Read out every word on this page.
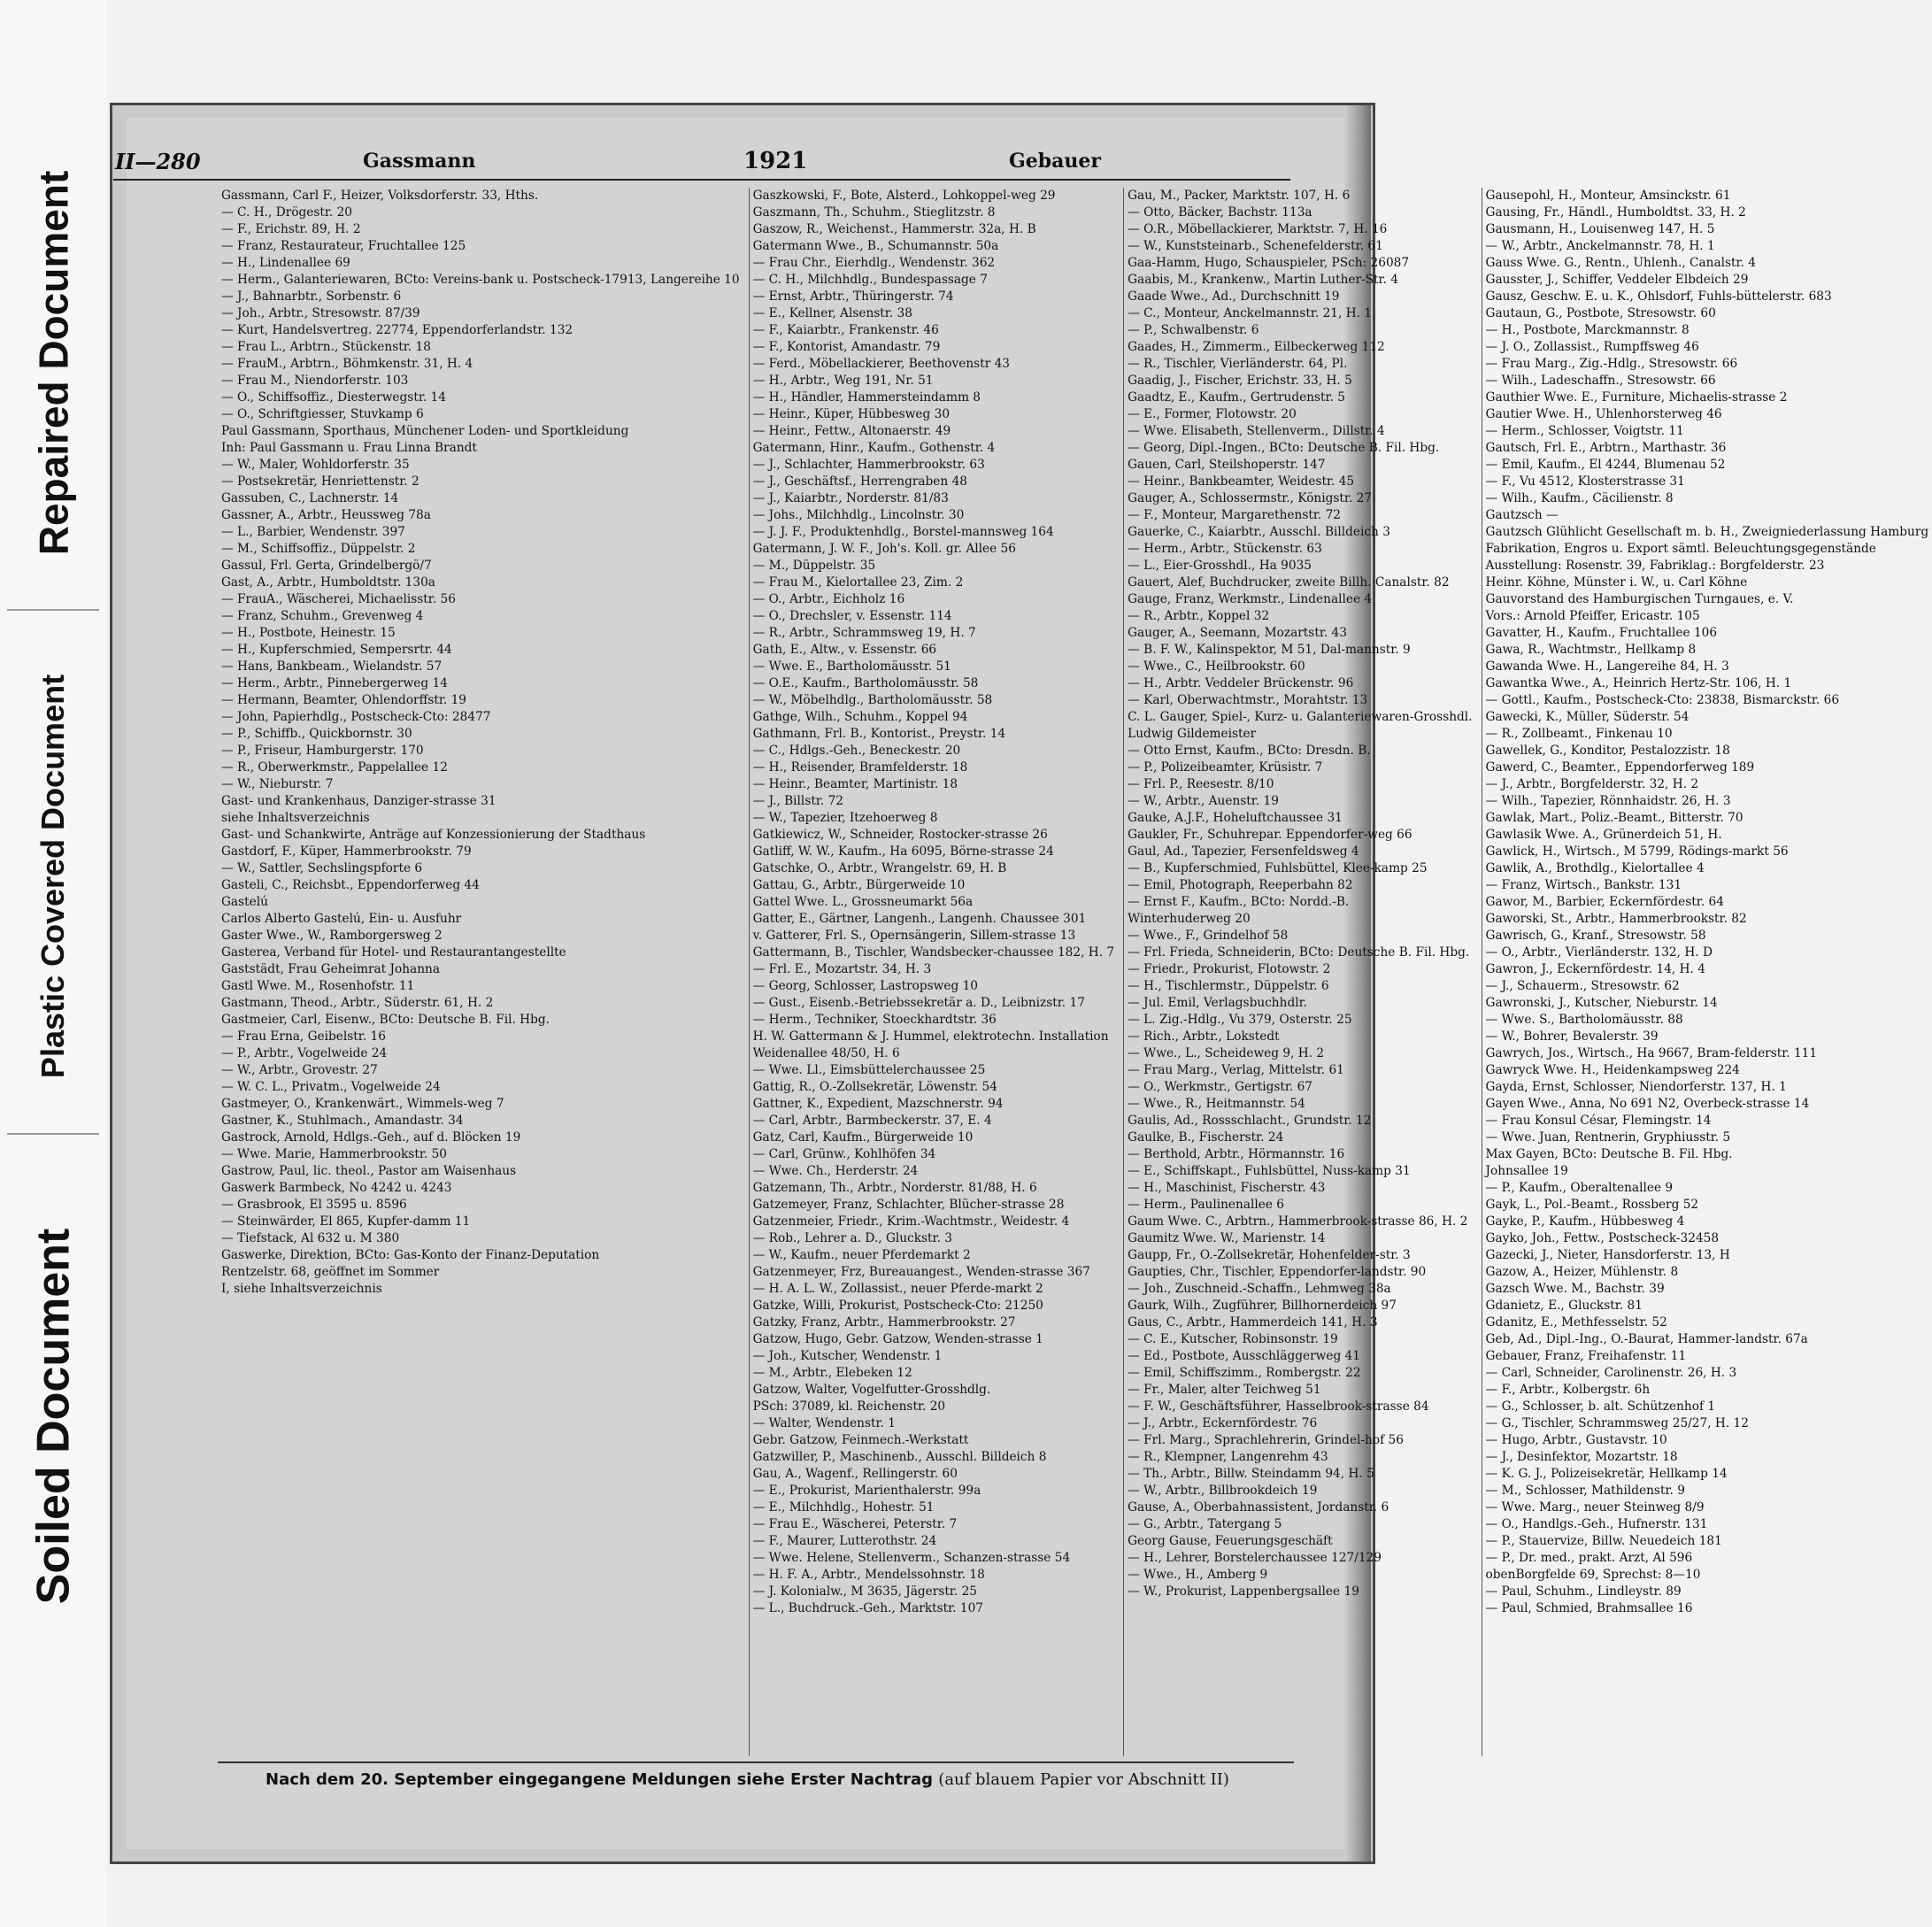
Repaired Document
Plastic Covered Document
Soiled Document
II—280	Gassmann	1921	Gebauer

Gassmann, Carl F., Heizer, Volksdorferstr. 33, Hths.

— C. H., Drögestr. 20

— F., Erichstr. 89, H. 2

— Franz, Restaurateur, Fruchtallee 125

— H., Lindenallee 69

— Herm., Galanteriewaren, BCto: Vereins-bank u. Postscheck-17913, Langereihe 10

— J., Bahnarbtr., Sorbenstr. 6

— Joh., Arbtr., Stresowstr. 87/39

— Kurt, Handelsvertreg. 22774, Eppendorferlandstr. 132

— Frau L., Arbtrn., Stückenstr. 18

— FrauM., Arbtrn., Böhmkenstr. 31, H. 4

— Frau M., Niendorferstr. 103

— O., Schiffsoffiz., Diesterwegstr. 14

— O., Schriftgiesser, Stuvkamp 6

Paul Gassmann, Sporthaus, Münchener Loden- und Sportkleidung

Inh: Paul Gassmann u. Frau Linna Brandt

— W., Maler, Wohldorferstr. 35

— Postsekretär, Henriettenstr. 2

Gassuben, C., Lachnerstr. 14

Gassner, A., Arbtr., Heussweg 78a

— L., Barbier, Wendenstr. 397

— M., Schiffsoffiz., Düppelstr. 2

Gassul, Frl. Gerta, Grindelbergö/7

Gast, A., Arbtr., Humboldtstr. 130a

— FrauA., Wäscherei, Michaelisstr. 56

— Franz, Schuhm., Grevenweg 4

— H., Postbote, Heinestr. 15

— H., Kupferschmied, Sempersrtr. 44

— Hans, Bankbeam., Wielandstr. 57

— Herm., Arbtr., Pinnebergerweg 14

— Hermann, Beamter, Ohlendorffstr. 19

— John, Papierhdlg., Postscheck-Cto: 28477

— P., Schiffb., Quickbornstr. 30

— P., Friseur, Hamburgerstr. 170

— R., Oberwerkmstr., Pappelallee 12

— W., Nieburstr. 7

Gast- und Krankenhaus, Danziger-strasse 31

siehe Inhaltsverzeichnis

Gast- und Schankwirte, Anträge auf Konzessionierung der Stadthaus

Gastdorf, F., Küper, Hammerbrookstr. 79

— W., Sattler, Sechslingspforte 6

Gasteli, C., Reichsbt., Eppendorferweg 44

Gastelú

Carlos Alberto Gastelú, Ein- u. Ausfuhr

Gaster Wwe., W., Ramborgersweg 2

Gasterea, Verband für Hotel- und Restaurantangestellte

Gaststädt, Frau Geheimrat Johanna

Gastl Wwe. M., Rosenhofstr. 11

Gastmann, Theod., Arbtr., Süderstr. 61, H. 2

Gastmeier, Carl, Eisenw., BCto: Deutsche B. Fil. Hbg.

— Frau Erna, Geibelstr. 16

— P., Arbtr., Vogelweide 24

— W., Arbtr., Grovestr. 27

— W. C. L., Privatm., Vogelweide 24

Gastmeyer, O., Krankenwärt., Wimmels-weg 7

Gastner, K., Stuhlmach., Amandastr. 34

Gastrock, Arnold, Hdlgs.-Geh., auf d. Blöcken 19

— Wwe. Marie, Hammerbrookstr. 50

Gastrow, Paul, lic. theol., Pastor am Waisenhaus

Gaswerk Barmbeck, No 4242 u. 4243

— Grasbrook, El 3595 u. 8596

— Steinwärder, El 865, Kupfer-damm 11

— Tiefstack, Al 632 u. M 380

Gaswerke, Direktion, BCto: Gas-Konto der Finanz-Deputation

Rentzelstr. 68, geöffnet im Sommer

I, siehe Inhaltsverzeichnis

Gaszkowski, F., Bote, Alsterd., Lohkoppel-weg 29

Gaszmann, Th., Schuhm., Stieglitzstr. 8

Gaszow, R., Weichenst., Hammerstr. 32a, H. B

Gatermann Wwe., B., Schumannstr. 50a

— Frau Chr., Eierhdlg., Wendenstr. 362

— C. H., Milchhdlg., Bundespassage 7

— Ernst, Arbtr., Thüringerstr. 74

— E., Kellner, Alsenstr. 38

— F., Kaiarbtr., Frankenstr. 46

— F., Kontorist, Amandastr. 79

— Ferd., Möbellackierer, Beethovenstr 43

— H., Arbtr., Weg 191, Nr. 51

— H., Händler, Hammersteindamm 8

— Heinr., Küper, Hübbesweg 30

— Heinr., Fettw., Altonaerstr. 49

Gatermann, Hinr., Kaufm., Gothenstr. 4

— J., Schlachter, Hammerbrookstr. 63

— J., Geschäftsf., Herrengraben 48

— J., Kaiarbtr., Norderstr. 81/83

— Johs., Milchhdlg., Lincolnstr. 30

— J. J. F., Produktenhdlg., Borstel-mannsweg 164

Gatermann, J. W. F., Joh's. Koll. gr. Allee 56

— M., Düppelstr. 35

— Frau M., Kielortallee 23, Zim. 2

— O., Arbtr., Eichholz 16

— O., Drechsler, v. Essenstr. 114

— R., Arbtr., Schrammsweg 19, H. 7

Gath, E., Altw., v. Essenstr. 66

— Wwe. E., Bartholomäusstr. 51

— O.E., Kaufm., Bartholomäusstr. 58

— W., Möbelhdlg., Bartholomäusstr. 58

Gathge, Wilh., Schuhm., Koppel 94

Gathmann, Frl. B., Kontorist., Preystr. 14

— C., Hdlgs.-Geh., Beneckestr. 20

— H., Reisender, Bramfelderstr. 18

— Heinr., Beamter, Martinistr. 18

— J., Billstr. 72

— W., Tapezier, Itzehoerweg 8

Gatkiewicz, W., Schneider, Rostocker-strasse 26

Gatliff, W. W., Kaufm., Ha 6095, Börne-strasse 24

Gatschke, O., Arbtr., Wrangelstr. 69, H. B

Gattau, G., Arbtr., Bürgerweide 10

Gattel Wwe. L., Grossneumarkt 56a

Gatter, E., Gärtner, Langenh., Langenh. Chaussee 301

v. Gatterer, Frl. S., Opernsängerin, Sillem-strasse 13

Gattermann, B., Tischler, Wandsbecker-chaussee 182, H. 7

— Frl. E., Mozartstr. 34, H. 3

— Georg, Schlosser, Lastropsweg 10

— Gust., Eisenb.-Betriebssekretär a. D., Leibnizstr. 17

— Herm., Techniker, Stoeckhardtstr. 36

H. W. Gattermann & J. Hummel, elektrotechn. Installation

Weidenallee 48/50, H. 6

— Wwe. Ll., Eimsbüttelerchaussee 25

Gattig, R., O.-Zollsekretär, Löwenstr. 54

Gattner, K., Expedient, Mazschnerstr. 94

— Carl, Arbtr., Barmbeckerstr. 37, E. 4

Gatz, Carl, Kaufm., Bürgerweide 10

— Carl, Grünw., Kohlhöfen 34

— Wwe. Ch., Herderstr. 24

Gatzemann, Th., Arbtr., Norderstr. 81/88, H. 6

Gatzemeyer, Franz, Schlachter, Blücher-strasse 28

Gatzenmeier, Friedr., Krim.-Wachtmstr., Weidestr. 4

— Rob., Lehrer a. D., Gluckstr. 3

— W., Kaufm., neuer Pferdemarkt 2

Gatzenmeyer, Frz, Bureauangest., Wenden-strasse 367

— H. A. L. W., Zollassist., neuer Pferde-markt 2

Gatzke, Willi, Prokurist, Postscheck-Cto: 21250

Gatzky, Franz, Arbtr., Hammerbrookstr. 27

Gatzow, Hugo, Gebr. Gatzow, Wenden-strasse 1

— Joh., Kutscher, Wendenstr. 1

— M., Arbtr., Elebeken 12

Gatzow, Walter, Vogelfutter-Grosshdlg.

PSch: 37089, kl. Reichenstr. 20

— Walter, Wendenstr. 1

Gebr. Gatzow, Feinmech.-Werkstatt

Gatzwiller, P., Maschinenb., Ausschl. Billdeich 8

Gau, A., Wagenf., Rellingerstr. 60

— E., Prokurist, Marienthalerstr. 99a

— E., Milchhdlg., Hohestr. 51

— Frau E., Wäscherei, Peterstr. 7

— F., Maurer, Lutterothstr. 24

— Wwe. Helene, Stellenverm., Schanzen-strasse 54

— H. F. A., Arbtr., Mendelssohnstr. 18

— J. Kolonialw., M 3635, Jägerstr. 25

— L., Buchdruck.-Geh., Marktstr. 107

Gau, M., Packer, Marktstr. 107, H. 6

— Otto, Bäcker, Bachstr. 113a

— O.R., Möbellackierer, Marktstr. 7, H. 16

— W., Kunststeinarb., Schenefelderstr. 61

Gaa-Hamm, Hugo, Schauspieler, PSch: 26087

Gaabis, M., Krankenw., Martin Luther-Str. 4

Gaade Wwe., Ad., Durchschnitt 19

— C., Monteur, Anckelmannstr. 21, H. 1

— P., Schwalbenstr. 6

Gaades, H., Zimmerm., Eilbeckerweg 112

— R., Tischler, Vierländerstr. 64, Pl.

Gaadig, J., Fischer, Erichstr. 33, H. 5

Gaadtz, E., Kaufm., Gertrudenstr. 5

— E., Former, Flotowstr. 20

— Wwe. Elisabeth, Stellenverm., Dillstr. 4

— Georg, Dipl.-Ingen., BCto: Deutsche B. Fil. Hbg.

Gauen, Carl, Steilshoperstr. 147

— Heinr., Bankbeamter, Weidestr. 45

Gauger, A., Schlossermstr., Königstr. 27

— F., Monteur, Margarethenstr. 72

Gauerke, C., Kaiarbtr., Ausschl. Billdeich 3

— Herm., Arbtr., Stückenstr. 63

— L., Eier-Grosshdl., Ha 9035

Gauert, Alef, Buchdrucker, zweite Billh. Canalstr. 82

Gauge, Franz, Werkmstr., Lindenallee 4

— R., Arbtr., Koppel 32

Gauger, A., Seemann, Mozartstr. 43

— B. F. W., Kalinspektor, M 51, Dal-mannstr. 9

— Wwe., C., Heilbrookstr. 60

— H., Arbtr. Veddeler Brückenstr. 96

— Karl, Oberwachtmstr., Morahtstr. 13

C. L. Gauger, Spiel-, Kurz- u. Galanteriewaren-Grosshdl.

Ludwig Gildemeister

— Otto Ernst, Kaufm., BCto: Dresdn. B.

— P., Polizeibeamter, Krüsistr. 7

— Frl. P., Reesestr. 8/10

— W., Arbtr., Auenstr. 19

Gauke, A.J.F., Hoheluftchaussee 31

Gaukler, Fr., Schuhrepar. Eppendorfer-weg 66

Gaul, Ad., Tapezier, Fersenfeldsweg 4

— B., Kupferschmied, Fuhlsbüttel, Klee-kamp 25

— Emil, Photograph, Reeperbahn 82

— Ernst F., Kaufm., BCto: Nordd.-B.

Winterhuderweg 20

— Wwe., F., Grindelhof 58

— Frl. Frieda, Schneiderin, BCto: Deutsche B. Fil. Hbg.

— Friedr., Prokurist, Flotowstr. 2

— H., Tischlermstr., Düppelstr. 6

— Jul. Emil, Verlagsbuchhdlr.

— L. Zig.-Hdlg., Vu 379, Osterstr. 25

— Rich., Arbtr., Lokstedt

— Wwe., L., Scheideweg 9, H. 2

— Frau Marg., Verlag, Mittelstr. 61

— O., Werkmstr., Gertigstr. 67

— Wwe., R., Heitmannstr. 54

Gaulis, Ad., Rossschlacht., Grundstr. 12

Gaulke, B., Fischerstr. 24

— Berthold, Arbtr., Hörmannstr. 16

— E., Schiffskapt., Fuhlsbüttel, Nuss-kamp 31

— H., Maschinist, Fischerstr. 43

— Herm., Paulinenallee 6

Gaum Wwe. C., Arbtrn., Hammerbrook-strasse 86, H. 2

Gaumitz Wwe. W., Marienstr. 14

Gaupp, Fr., O.-Zollsekretär, Hohenfelder-str. 3

Gaupties, Chr., Tischler, Eppendorfer-landstr. 90

— Joh., Zuschneid.-Schaffn., Lehmweg 38a

Gaurk, Wilh., Zugführer, Billhornerdeich 97

Gaus, C., Arbtr., Hammerdeich 141, H. 3

— C. E., Kutscher, Robinsonstr. 19

— Ed., Postbote, Ausschläggerweg 41

— Emil, Schiffszimm., Rombergstr. 22

— Fr., Maler, alter Teichweg 51

— F. W., Geschäftsführer, Hasselbrook-strasse 84

— J., Arbtr., Eckernfördestr. 76

— Frl. Marg., Sprachlehrerin, Grindel-hof 56

— R., Klempner, Langenrehm 43

— Th., Arbtr., Billw. Steindamm 94, H. 5

— W., Arbtr., Billbrookdeich 19

Gause, A., Oberbahnassistent, Jordanstr. 6

— G., Arbtr., Tatergang 5

Georg Gause, Feuerungsgeschäft

— H., Lehrer, Borstelerchaussee 127/129

— Wwe., H., Amberg 9

— W., Prokurist, Lappenbergsallee 19

Gausepohl, H., Monteur, Amsinckstr. 61

Gausing, Fr., Händl., Humboldtst. 33, H. 2

Gausmann, H., Louisenweg 147, H. 5

— W., Arbtr., Anckelmannstr. 78, H. 1

Gauss Wwe. G., Rentn., Uhlenh., Canalstr. 4

Gausster, J., Schiffer, Veddeler Elbdeich 29

Gausz, Geschw. E. u. K., Ohlsdorf, Fuhls-büttelerstr. 683

Gautaun, G., Postbote, Stresowstr. 60

— H., Postbote, Marckmannstr. 8

— J. O., Zollassist., Rumpffsweg 46

— Frau Marg., Zig.-Hdlg., Stresowstr. 66

— Wilh., Ladeschaffn., Stresowstr. 66

Gauthier Wwe. E., Furniture, Michaelis-strasse 2

Gautier Wwe. H., Uhlenhorsterweg 46

— Herm., Schlosser, Voigtstr. 11

Gautsch, Frl. E., Arbtrn., Marthastr. 36

— Emil, Kaufm., El 4244, Blumenau 52

— F., Vu 4512, Klosterstrasse 31

— Wilh., Kaufm., Cäcilienstr. 8

Gautzsch —

Gautzsch Glühlicht Gesellschaft m. b. H., Zweigniederlassung Hamburg

Fabrikation, Engros u. Export sämtl. Beleuchtungsgegenstände

Ausstellung: Rosenstr. 39, Fabriklag.: Borgfelderstr. 23

Heinr. Köhne, Münster i. W., u. Carl Köhne

Gauvorstand des Hamburgischen Turngaues, e. V.

Vors.: Arnold Pfeiffer, Ericastr. 105

Gavatter, H., Kaufm., Fruchtallee 106

Gawa, R., Wachtmstr., Hellkamp 8

Gawanda Wwe. H., Langereihe 84, H. 3

Gawantka Wwe., A., Heinrich Hertz-Str. 106, H. 1

— Gottl., Kaufm., Postscheck-Cto: 23838, Bismarckstr. 66

Gawecki, K., Müller, Süderstr. 54

— R., Zollbeamt., Finkenau 10

Gawellek, G., Konditor, Pestalozzistr. 18

Gawerd, C., Beamter., Eppendorferweg 189

— J., Arbtr., Borgfelderstr. 32, H. 2

— Wilh., Tapezier, Rönnhaidstr. 26, H. 3

Gawlak, Mart., Poliz.-Beamt., Bitterstr. 70

Gawlasik Wwe. A., Grünerdeich 51, H.

Gawlick, H., Wirtsch., M 5799, Rödings-markt 56

Gawlik, A., Brothdlg., Kielortallee 4

— Franz, Wirtsch., Bankstr. 131

Gawor, M., Barbier, Eckernfördestr. 64

Gaworski, St., Arbtr., Hammerbrookstr. 82

Gawrisch, G., Kranf., Stresowstr. 58

— O., Arbtr., Vierländerstr. 132, H. D

Gawron, J., Eckernfördestr. 14, H. 4

— J., Schauerm., Stresowstr. 62

Gawronski, J., Kutscher, Nieburstr. 14

— Wwe. S., Bartholomäusstr. 88

— W., Bohrer, Bevalerstr. 39

Gawrych, Jos., Wirtsch., Ha 9667, Bram-felderstr. 111

Gawryck Wwe. H., Heidenkampsweg 224

Gayda, Ernst, Schlosser, Niendorferstr. 137, H. 1

Gayen Wwe., Anna, No 691 N2, Overbeck-strasse 14

— Frau Konsul César, Flemingstr. 14

— Wwe. Juan, Rentnerin, Gryphiusstr. 5

Max Gayen, BCto: Deutsche B. Fil. Hbg.

Johnsallee 19

— P., Kaufm., Oberaltenallee 9

Gayk, L., Pol.-Beamt., Rossberg 52

Gayke, P., Kaufm., Hübbesweg 4

Gayko, Joh., Fettw., Postscheck-32458

Gazecki, J., Nieter, Hansdorferstr. 13, H

Gazow, A., Heizer, Mühlenstr. 8

Gazsch Wwe. M., Bachstr. 39

Gdanietz, E., Gluckstr. 81

Gdanitz, E., Methfesselstr. 52

Geb, Ad., Dipl.-Ing., O.-Baurat, Hammer-landstr. 67a

Gebauer, Franz, Freihafenstr. 11

— Carl, Schneider, Carolinenstr. 26, H. 3

— F., Arbtr., Kolbergstr. 6h

— G., Schlosser, b. alt. Schützenhof 1

— G., Tischler, Schrammsweg 25/27, H. 12

— Hugo, Arbtr., Gustavstr. 10

— J., Desinfektor, Mozartstr. 18

— K. G. J., Polizeisekretär, Hellkamp 14

— M., Schlosser, Mathildenstr. 9

— Wwe. Marg., neuer Steinweg 8/9

— O., Handlgs.-Geh., Hufnerstr. 131

— P., Stauervize, Billw. Neuedeich 181

— P., Dr. med., prakt. Arzt, Al 596

obenBorgfelde 69, Sprechst: 8—10

— Paul, Schuhm., Lindleystr. 89

— Paul, Schmied, Brahmsallee 16

Nach dem 20. September eingegangene Meldungen siehe Erster Nachtrag (auf blauem Papier vor Abschnitt II)
